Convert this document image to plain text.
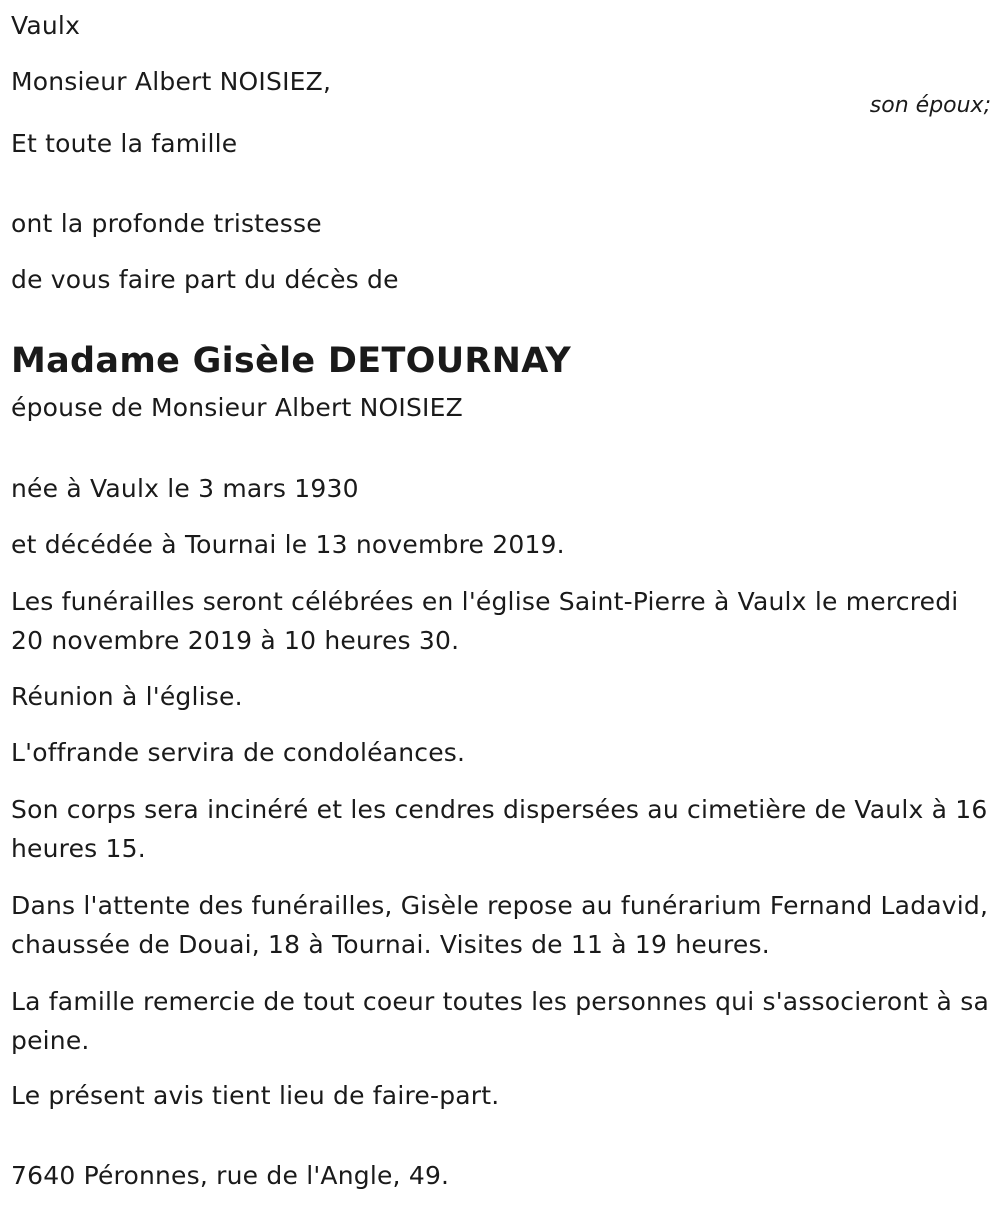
Vaulx
Monsieur Albert NOISIEZ,
son époux;
Et toute la famille
ont la profonde tristesse
de vous faire part du décès de
Madame Gisèle DETOURNAY
épouse de Monsieur Albert NOISIEZ
née à Vaulx le 3 mars 1930
et décédée à Tournai le 13 novembre 2019.
Les funérailles seront célébrées en l'église Saint-Pierre à Vaulx le mercredi 20 novembre 2019 à 10 heures 30.
Réunion à l'église.
L'offrande servira de condoléances.
Son corps sera incinéré et les cendres dispersées au cimetière de Vaulx à 16 heures 15.
Dans l'attente des funérailles, Gisèle repose au funérarium Fernand Ladavid, chaussée de Douai, 18 à Tournai. Visites de 11 à 19 heures.
La famille remercie de tout coeur toutes les personnes qui s'associeront à sa peine.
Le présent avis tient lieu de faire-part.
7640 Péronnes, rue de l'Angle, 49.
